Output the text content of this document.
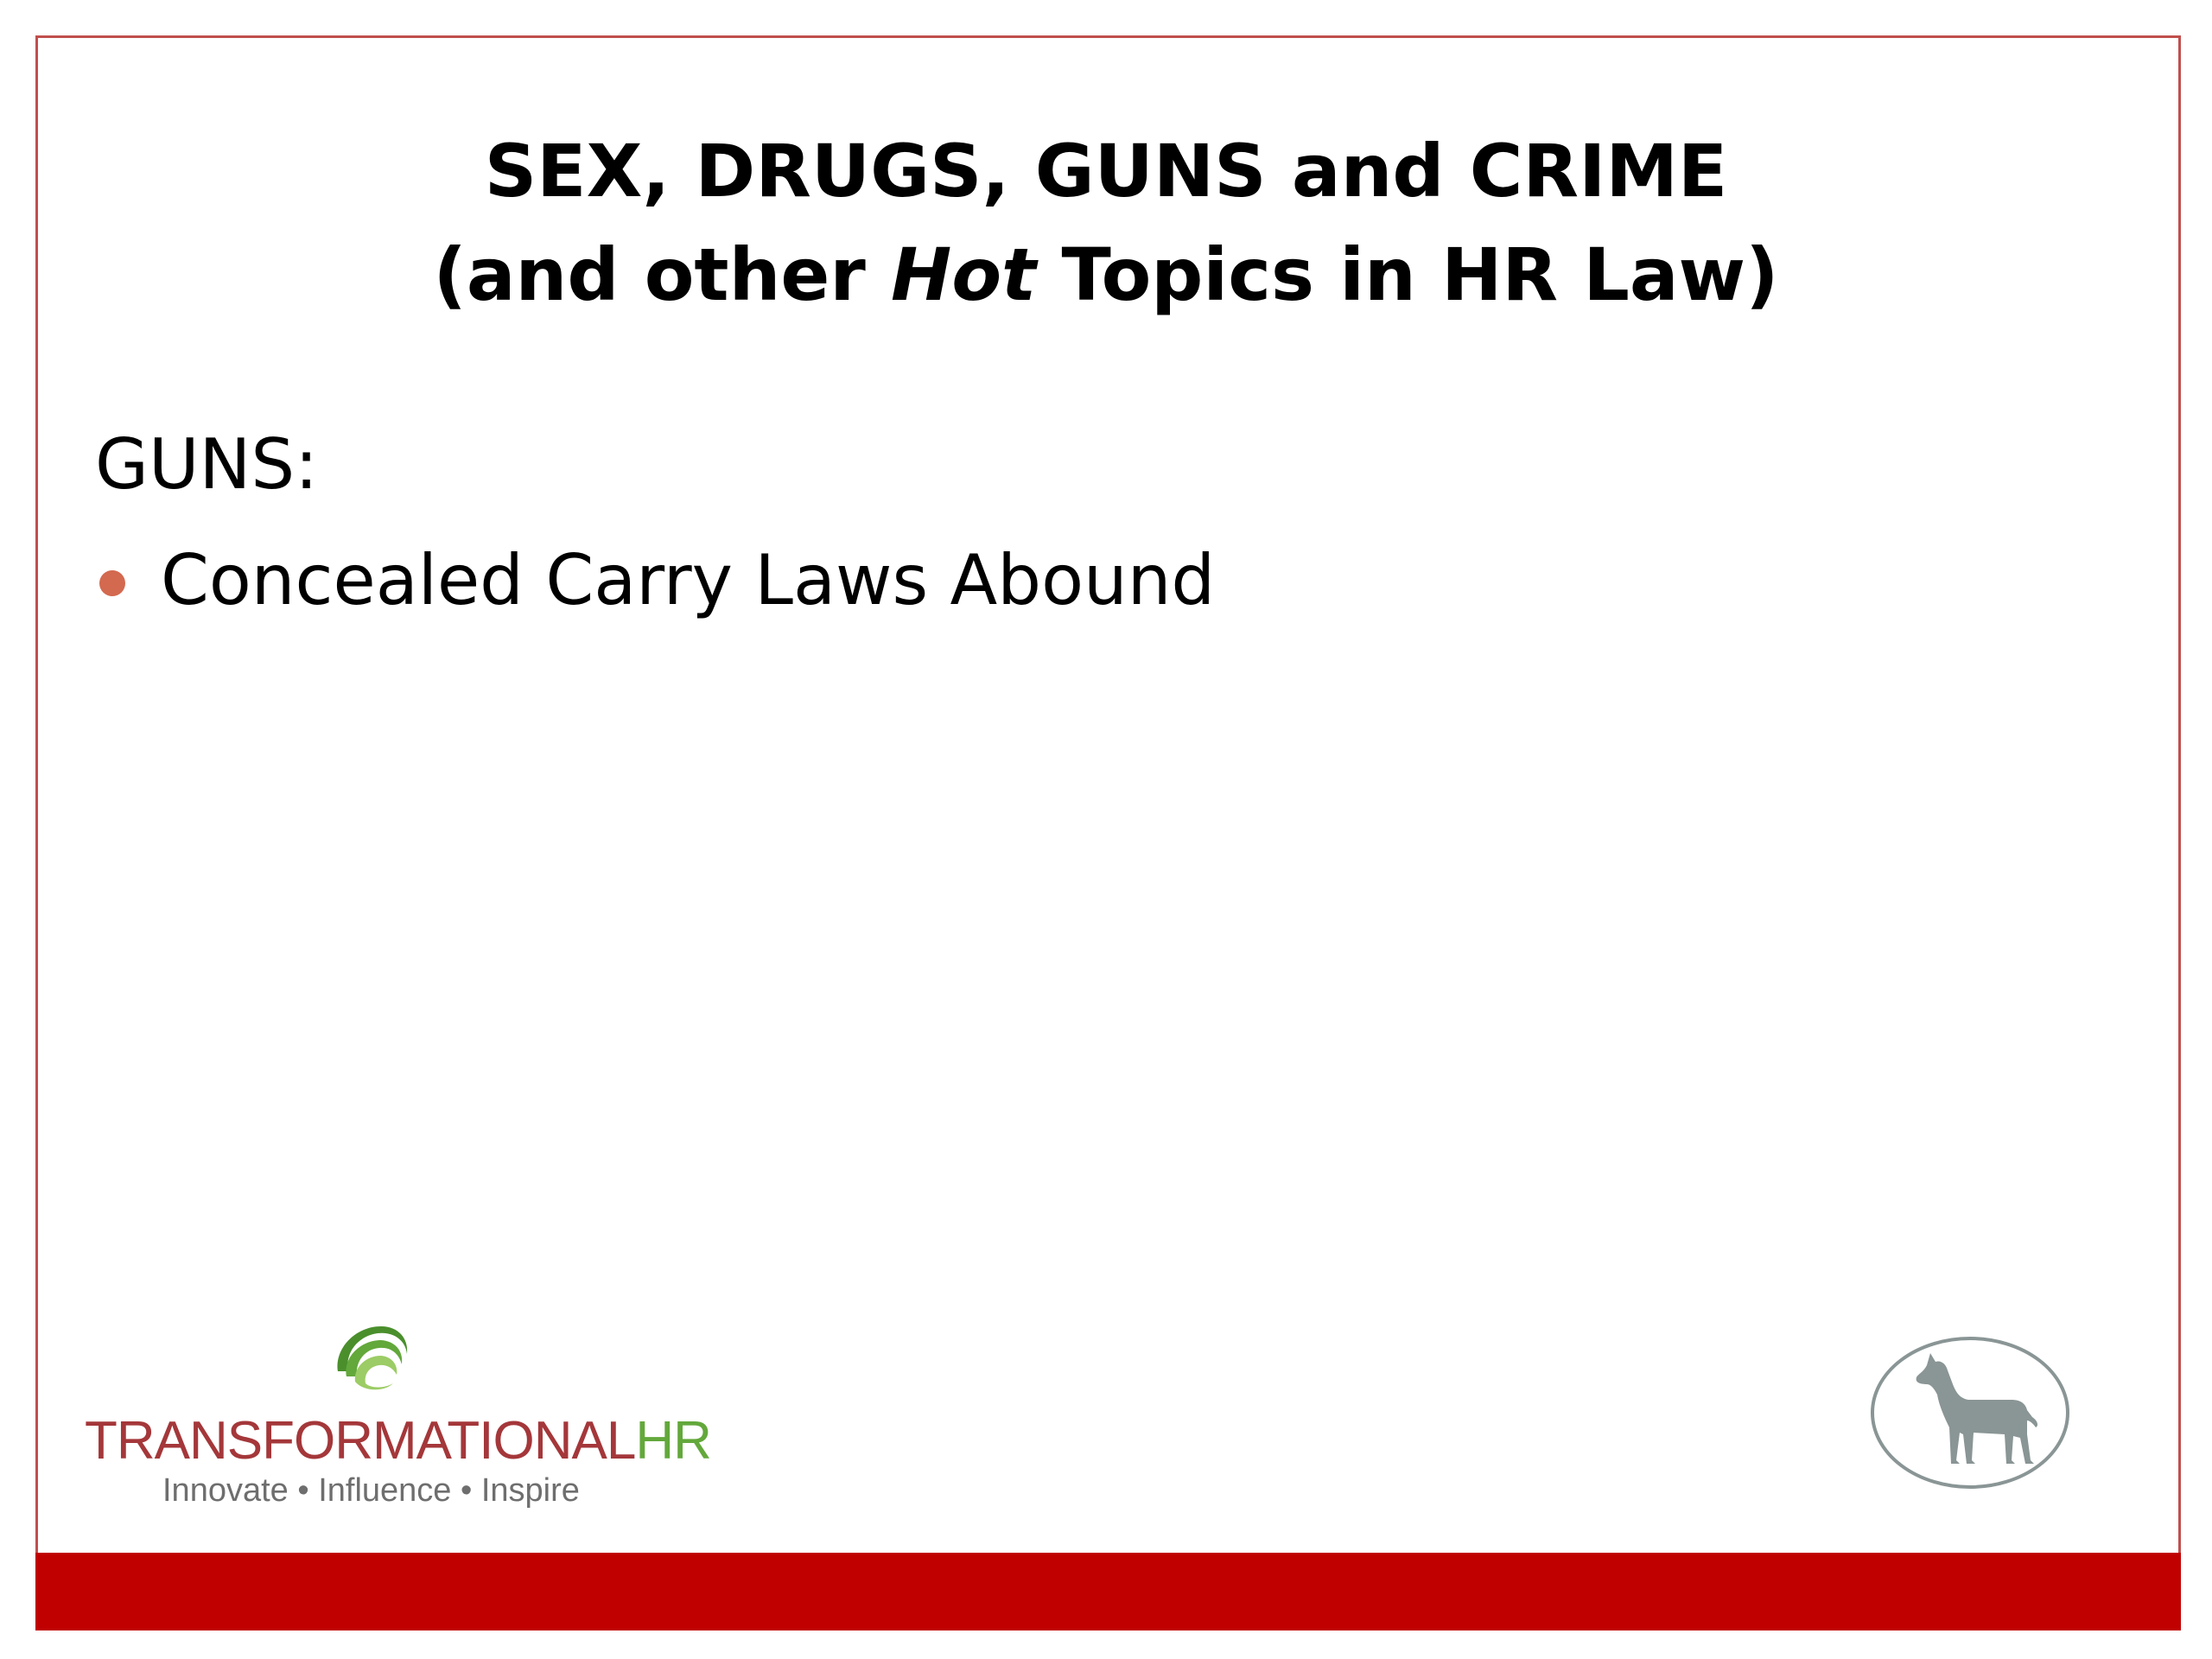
SEX, DRUGS, GUNS and CRIME
(and other Hot Topics in HR Law)
GUNS:
Concealed Carry Laws Abound
TRANSFORMATIONALHR
Innovate • Influence • Inspire
